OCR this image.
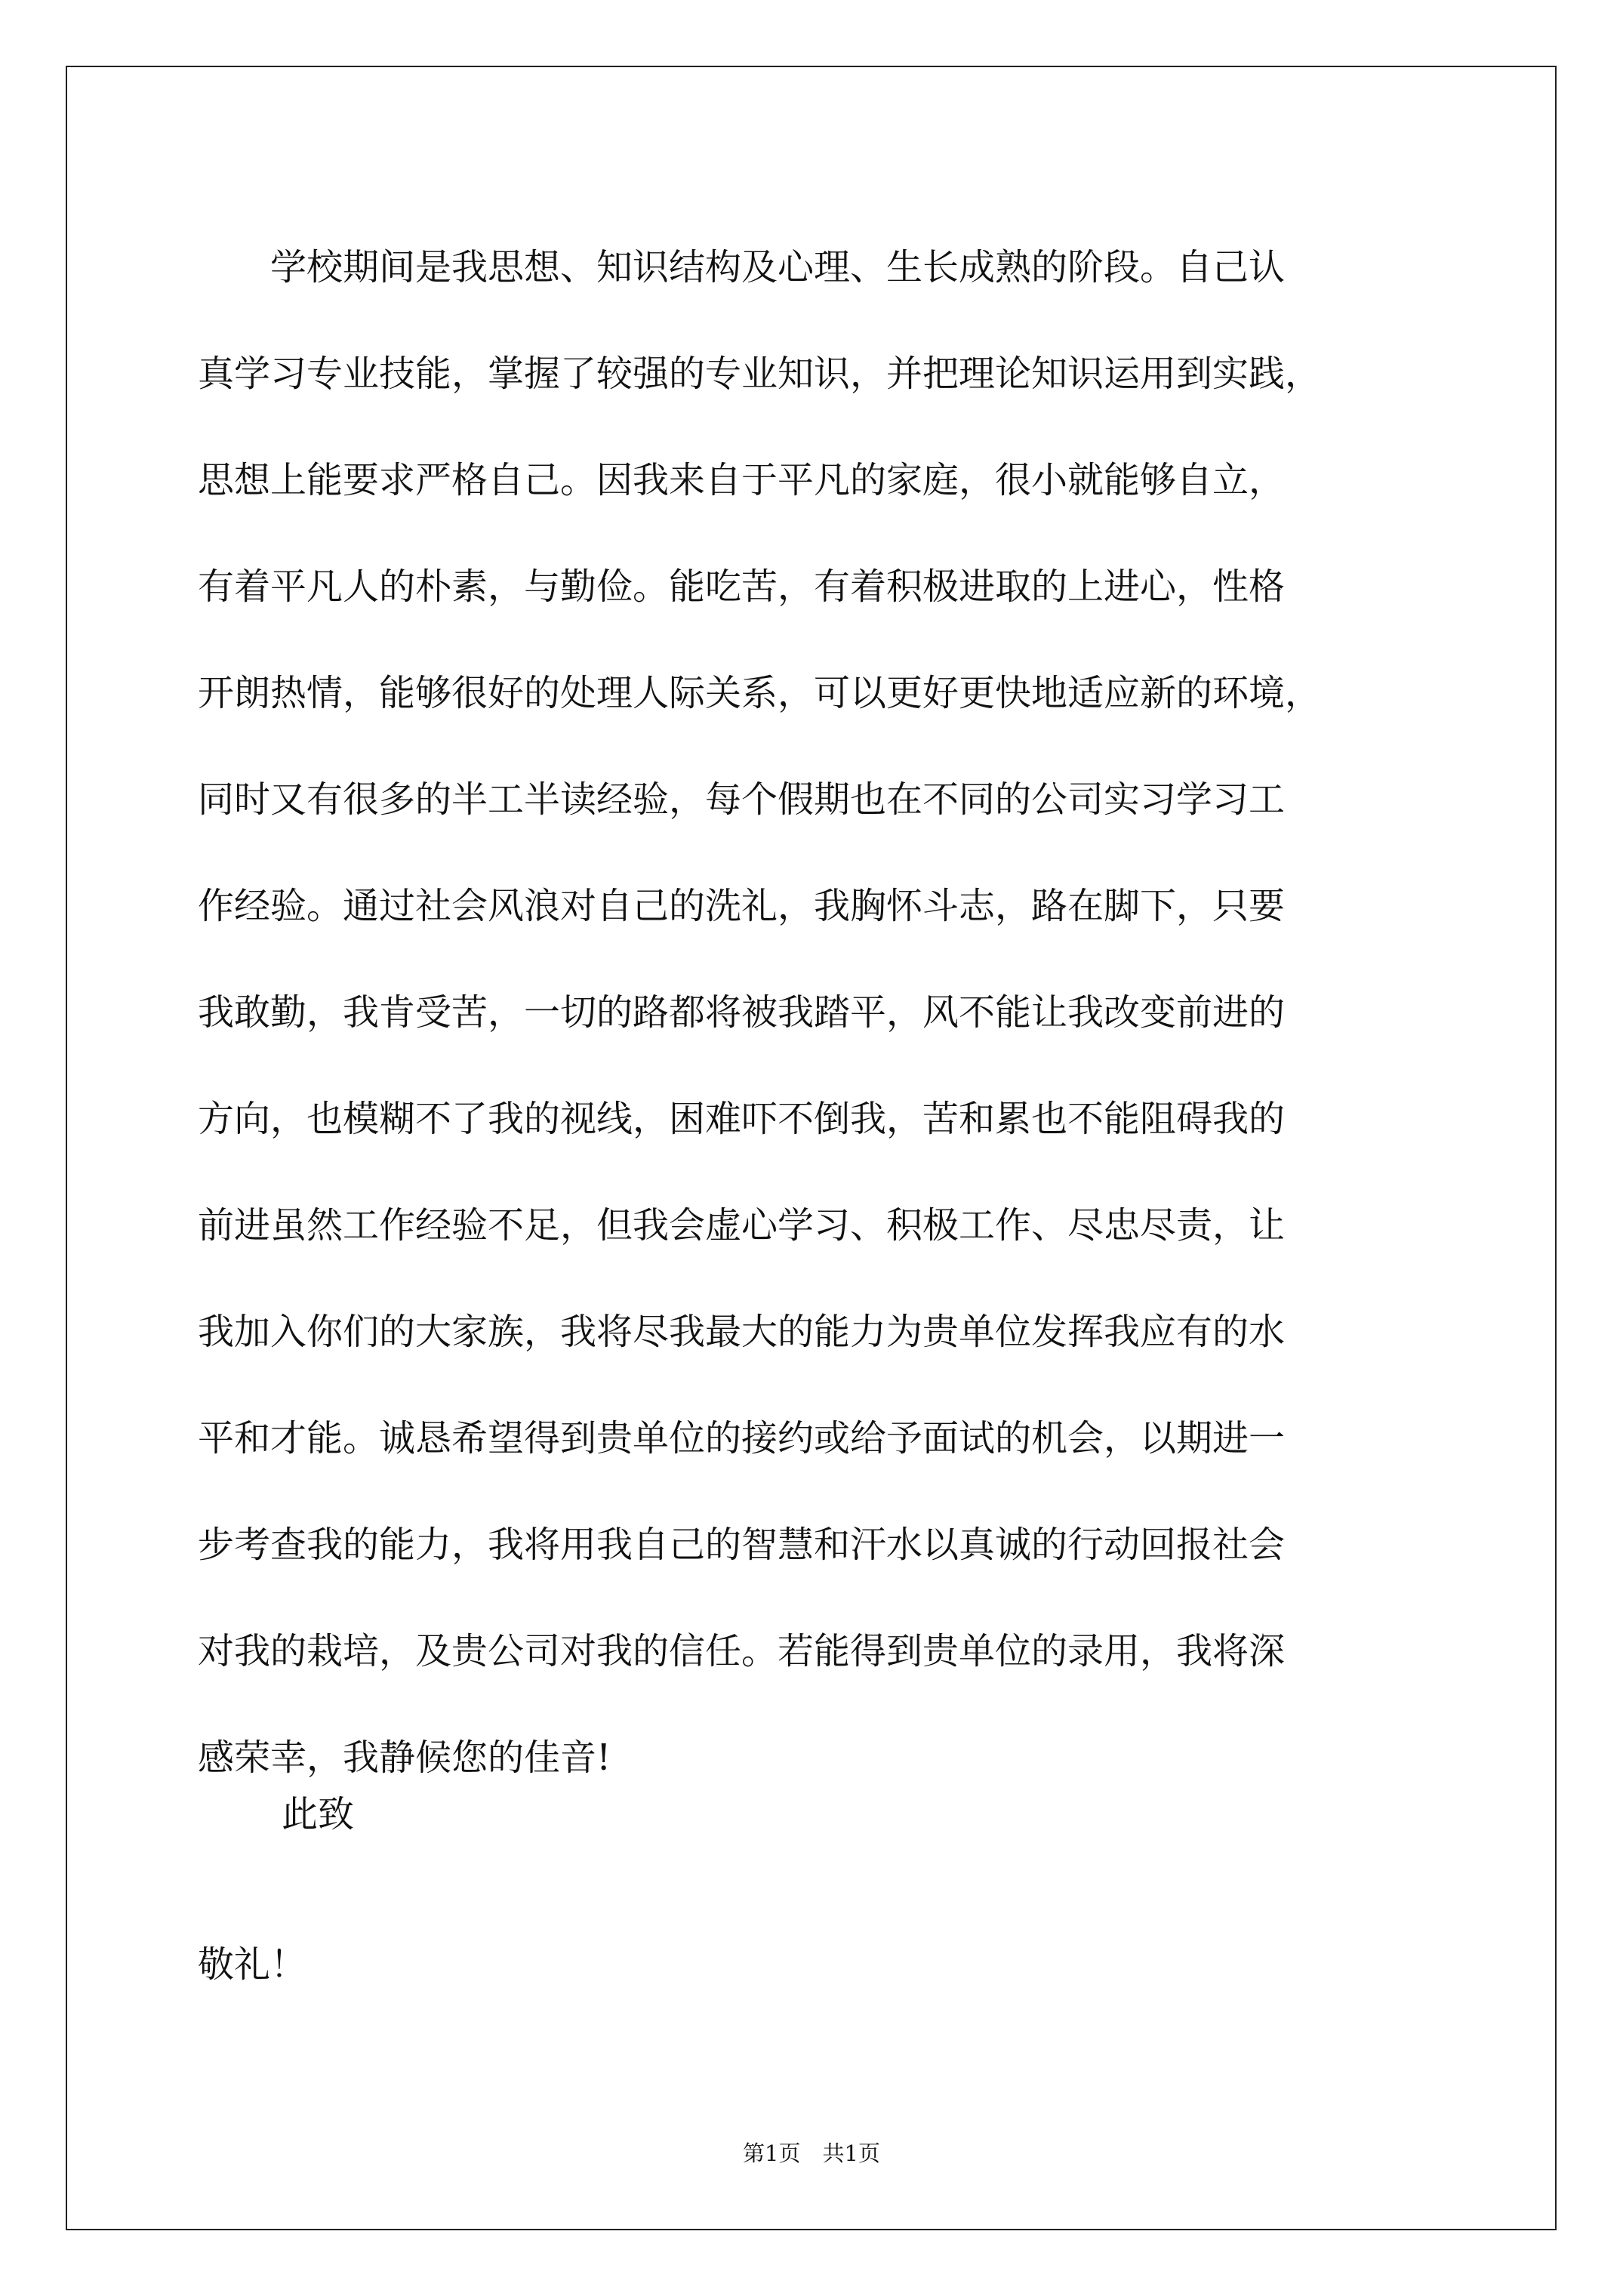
　　学校期间是我思想、知识结构及心理、生长成熟的阶段。自己认
真学习专业技能，掌握了较强的专业知识，并把理论知识运用到实践，
思想上能要求严格自己。因我来自于平凡的家庭，很小就能够自立，
有着平凡人的朴素，与勤俭。能吃苦，有着积极进取的上进心，性格
开朗热情，能够很好的处理人际关系，可以更好更快地适应新的环境，
同时又有很多的半工半读经验，每个假期也在不同的公司实习学习工
作经验。通过社会风浪对自己的洗礼，我胸怀斗志，路在脚下，只要
我敢勤，我肯受苦，一切的路都将被我踏平，风不能让我改变前进的
方向，也模糊不了我的视线，困难吓不倒我，苦和累也不能阻碍我的
前进虽然工作经验不足，但我会虚心学习、积极工作、尽忠尽责，让
我加入你们的大家族，我将尽我最大的能力为贵单位发挥我应有的水
平和才能。诚恳希望得到贵单位的接约或给予面试的机会，以期进一
步考查我的能力，我将用我自己的智慧和汗水以真诚的行动回报社会
对我的栽培，及贵公司对我的信任。若能得到贵单位的录用，我将深
感荣幸，我静候您的佳音!
此致
敬礼！
第1页　共1页
